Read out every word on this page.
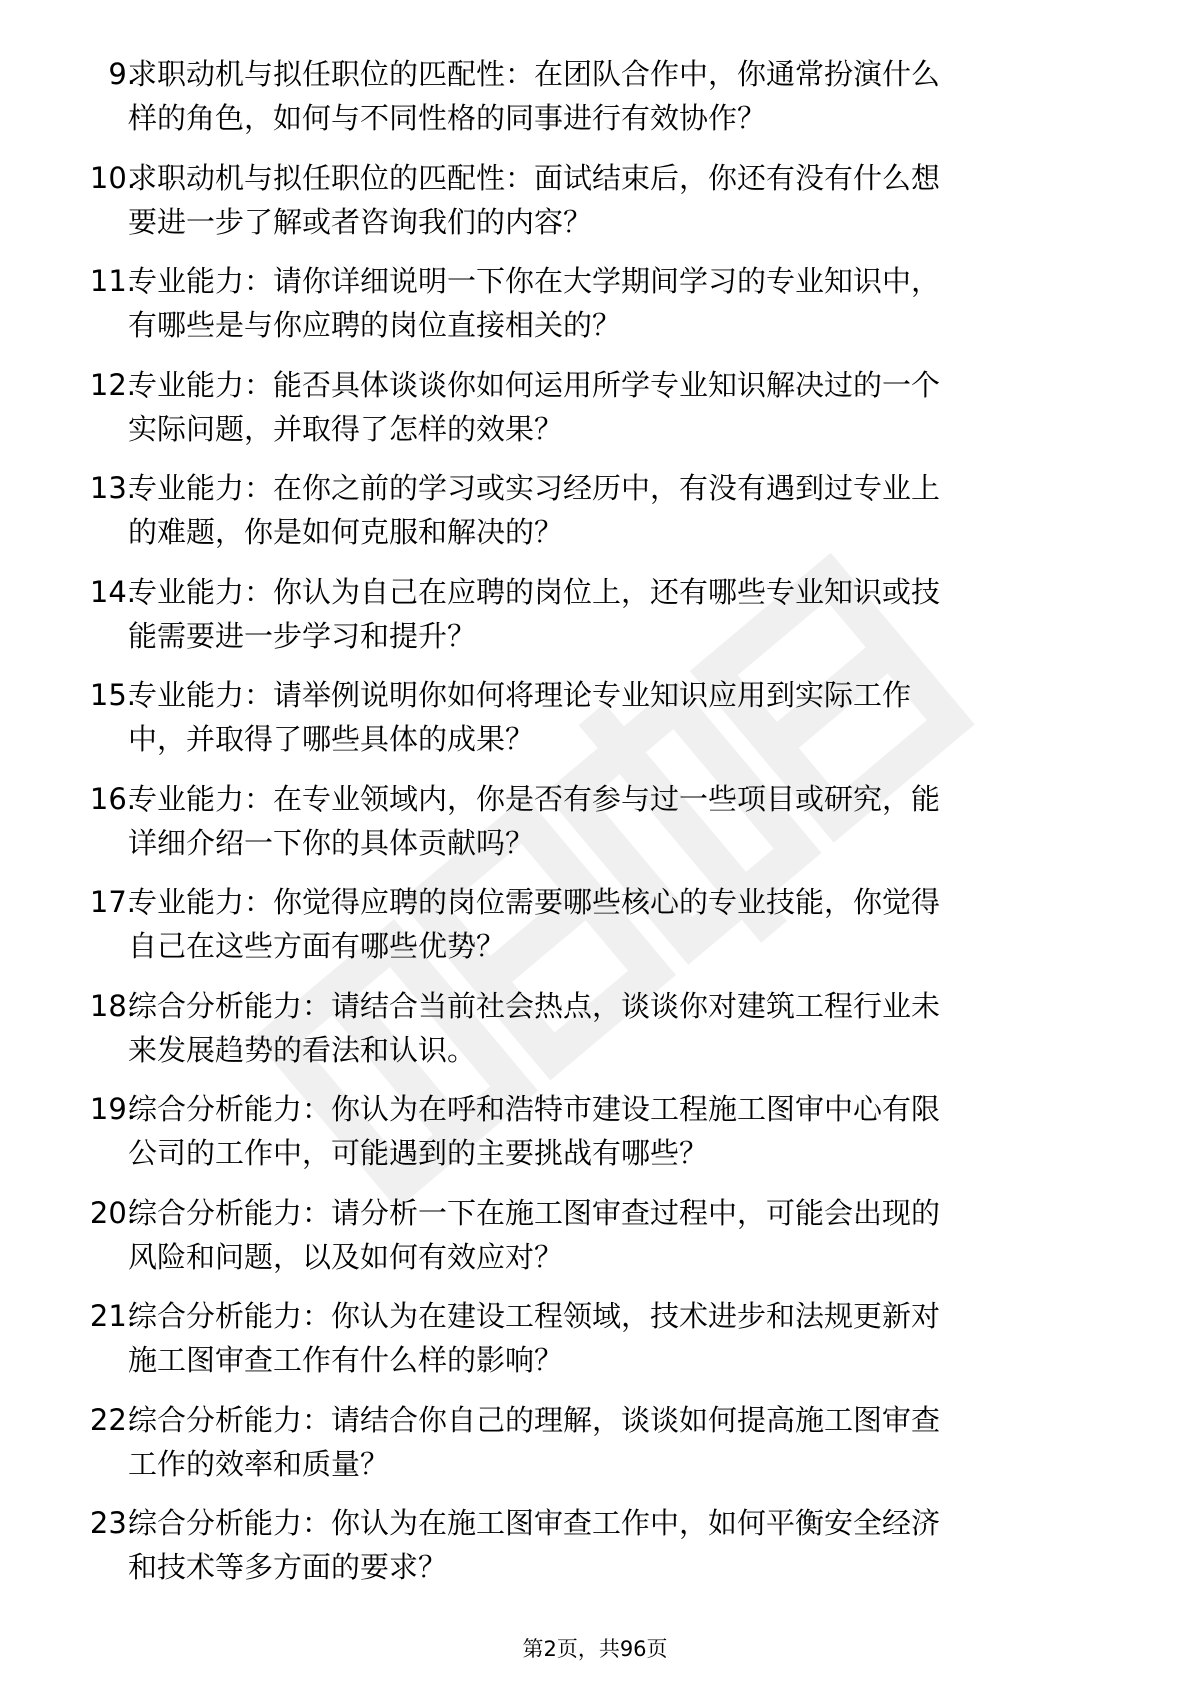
9.
求职动机与拟任职位的匹配性：在团队合作中，你通常扮演什么
样的角色，如何与不同性格的同事进行有效协作？
10.
求职动机与拟任职位的匹配性：面试结束后，你还有没有什么想
要进一步了解或者咨询我们的内容？
11.
专业能力：请你详细说明一下你在大学期间学习的专业知识中，
有哪些是与你应聘的岗位直接相关的？
12.
专业能力：能否具体谈谈你如何运用所学专业知识解决过的一个
实际问题，并取得了怎样的效果？
13.
专业能力：在你之前的学习或实习经历中，有没有遇到过专业上
的难题，你是如何克服和解决的？
14.
专业能力：你认为自己在应聘的岗位上，还有哪些专业知识或技
能需要进一步学习和提升？
15.
专业能力：请举例说明你如何将理论专业知识应用到实际工作
中，并取得了哪些具体的成果？
16.
专业能力：在专业领域内，你是否有参与过一些项目或研究，能
详细介绍一下你的具体贡献吗？
17.
专业能力：你觉得应聘的岗位需要哪些核心的专业技能，你觉得
自己在这些方面有哪些优势？
18.
综合分析能力：请结合当前社会热点，谈谈你对建筑工程行业未
来发展趋势的看法和认识。
19.
综合分析能力：你认为在呼和浩特市建设工程施工图审中心有限
公司的工作中，可能遇到的主要挑战有哪些？
20.
综合分析能力：请分析一下在施工图审查过程中，可能会出现的
风险和问题，以及如何有效应对？
21.
综合分析能力：你认为在建设工程领域，技术进步和法规更新对
施工图审查工作有什么样的影响？
22.
综合分析能力：请结合你自己的理解，谈谈如何提高施工图审查
工作的效率和质量？
23.
综合分析能力：你认为在施工图审查工作中，如何平衡安全经济
和技术等多方面的要求？
第2页，共96页
